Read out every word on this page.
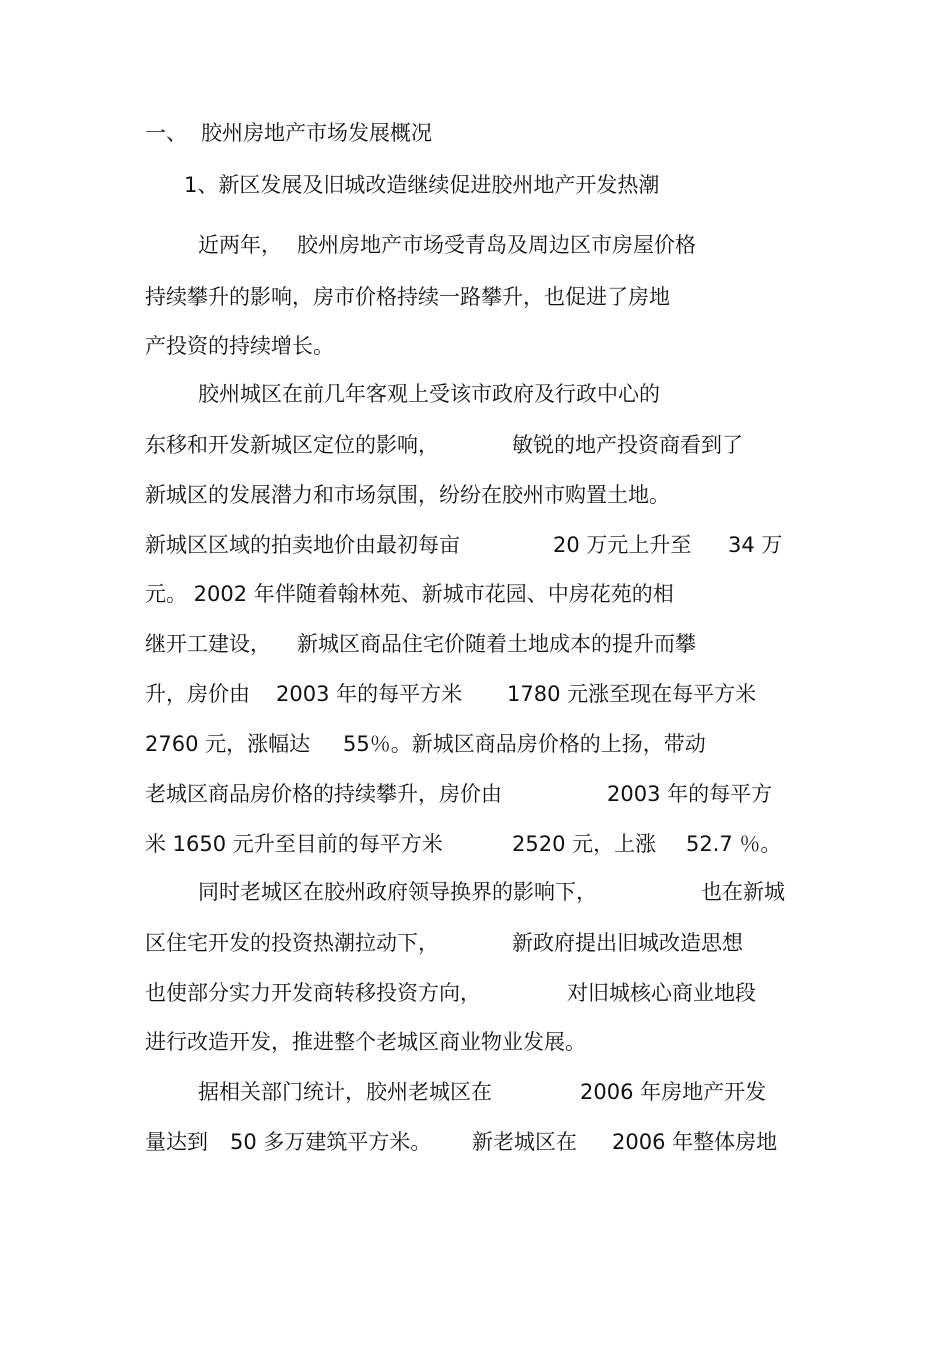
一、

胶州房地产市场发展概况

1、新区发展及旧城改造继续促进胶州地产开发热潮

近两年，

胶州房地产市场受青岛及周边区市房屋价格

持续攀升的影响，房市价格持续一路攀升，也促进了房地

产投资的持续增长。

胶州城区在前几年客观上受该市政府及行政中心的

东移和开发新城区定位的影响，

	敏锐的地产投资商看到了

新城区的发展潜力和市场氛围，纷纷在胶州市购置土地。

新城区区域的拍卖地价由最初每亩

	20 万元上升至

34 万

元。 2002 年伴随着翰林苑、新城市花园、中房花苑的相

继开工建设，

新城区商品住宅价随着土地成本的提升而攀

升，房价由

2003 年的每平方米

1780 元涨至现在每平方米

2760 元，涨幅达

55％。新城区商品房价格的上扬，带动

老城区商品房价格的持续攀升，房价由

	2003 年的每平方

米 1650 元升至目前的每平方米

	2520 元，上涨

52.7 ％。

同时老城区在胶州政府领导换界的影响下，

	也在新城

区住宅开发的投资热潮拉动下，

	新政府提出旧城改造思想

也使部分实力开发商转移投资方向，

	对旧城核心商业地段

进行改造开发，推进整个老城区商业物业发展。

据相关部门统计，胶州老城区在

	2006 年房地产开发

量达到

50 多万建筑平方米。

新老城区在

2006 年整体房地
